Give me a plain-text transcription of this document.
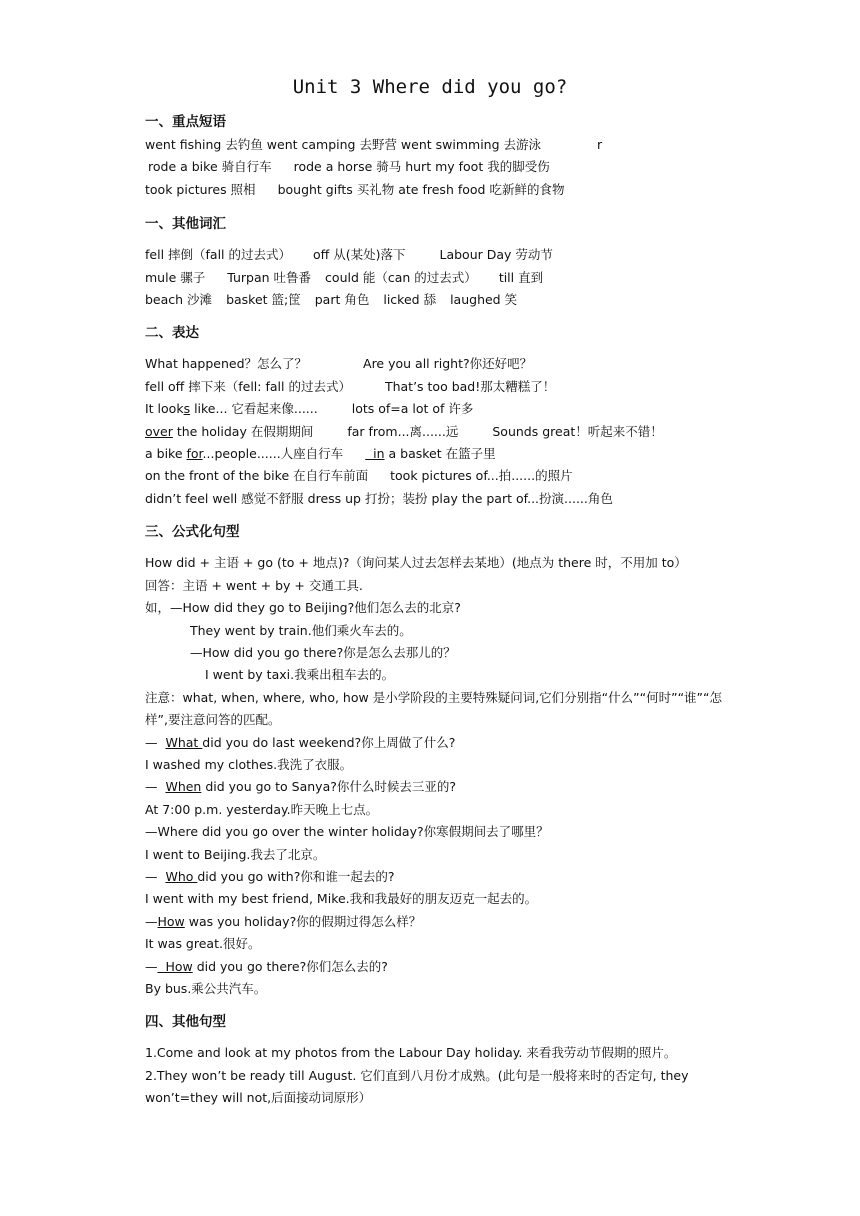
Unit 3 Where did you go?
一、重点短语
went fishing 去钓鱼 went camping 去野营 went swimming 去游泳	r
rode a bike 骑自行车 rode a horse 骑马 hurt my foot 我的脚受伤
took pictures 照相 bought gifts 买礼物 ate fresh food 吃新鲜的食物
一、其他词汇
fell 摔倒（fall 的过去式） off 从(某处)落下	Labour Day 劳动节
mule 骡子 Turpan 吐鲁番 could 能（can 的过去式） till 直到
beach 沙滩 basket 篮;筐 part 角色 licked 舔 laughed 笑
二、表达
What happened？怎么了？	Are you all right?你还好吧？
fell off 摔下来（fell: fall 的过去式）	That’s too bad!那太糟糕了！
It looks like... 它看起来像......	lots of=a lot of 许多
over the holiday 在假期期间	far from...离......远	Sounds great！听起来不错！
a bike for...people......人座自行车  in a basket 在篮子里
on the front of the bike 在自行车前面 took pictures of...拍......的照片
didn’t feel well 感觉不舒服 dress up 打扮；装扮 play the part of...扮演......角色
三、公式化句型
How did + 主语 + go (to + 地点)?（询问某人过去怎样去某地）(地点为 there 时，不用加 to）
回答：主语 + went + by + 交通工具.
如，—How did they go to Beijing?他们怎么去的北京?
They went by train.他们乘火车去的。
—How did you go there?你是怎么去那儿的？
I went by taxi.我乘出租车去的。
注意：what, when, where, who, how 是小学阶段的主要特殊疑问词,它们分别指“什么”“何时”“谁”“怎样”,要注意问答的匹配。
—  What did you do last weekend?你上周做了什么?
I washed my clothes.我洗了衣服。
—  When did you go to Sanya?你什么时候去三亚的?
At 7:00 p.m. yesterday.昨天晚上七点。
—Where did you go over the winter holiday?你寒假期间去了哪里？
I went to Beijing.我去了北京。
—  Who did you go with?你和谁一起去的?
I went with my best friend, Mike.我和我最好的朋友迈克一起去的。
—How was you holiday?你的假期过得怎么样？
It was great.很好。
—  How did you go there?你们怎么去的?
By bus.乘公共汽车。
四、其他句型
1.Come and look at my photos from the Labour Day holiday. 来看我劳动节假期的照片。
2.They won’t be ready till August. 它们直到八月份才成熟。(此句是一般将来时的否定句, they won’t=they will not,后面接动词原形）
